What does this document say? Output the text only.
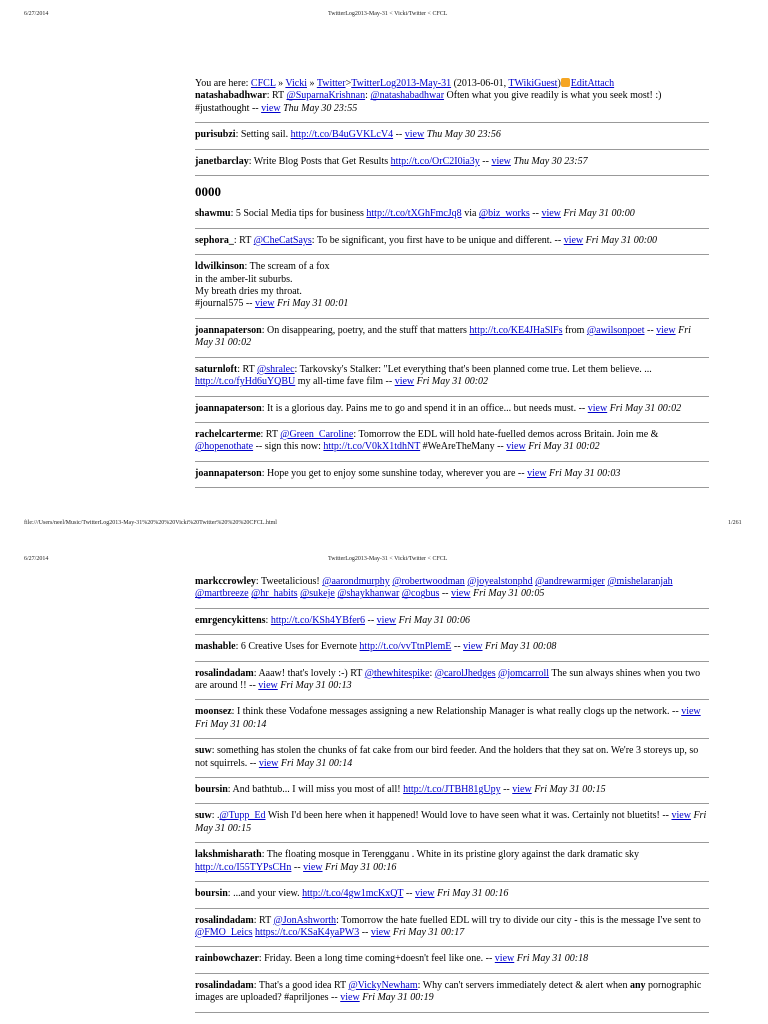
6/27/2014	TwitterLog2013-May-31 < Vicki/Twitter < CFCL
You are here: CFCL » Vicki » Twitter>TwitterLog2013-May-31 (2013-06-01, TWikiGuest) EditAttach
natashabadhwar: RT @SuparnaKrishnan: @natashabadhwar Often what you give readily is what you seek most! :) #justathought -- view Thu May 30 23:55
purisubzi: Setting sail. http://t.co/B4uGVKLcV4 -- view Thu May 30 23:56
janetbarclay: Write Blog Posts that Get Results http://t.co/OrC2I0ia3y -- view Thu May 30 23:57
0000
shawmu: 5 Social Media tips for business http://t.co/tXGhFmcJq8 via @biz_works -- view Fri May 31 00:00
sephora_: RT @CheCatSays: To be significant, you first have to be unique and different. -- view Fri May 31 00:00
ldwilkinson: The scream of a fox
in the amber-lit suburbs.
My breath dries my throat.
#journal575 -- view Fri May 31 00:01
joannapaterson: On disappearing, poetry, and the stuff that matters http://t.co/KE4JHaSlFs from @awilsonpoet -- view Fri May 31 00:02
saturnloft: RT @shralec: Tarkovsky's Stalker: "Let everything that's been planned come true. Let them believe. ... http://t.co/fyHd6uYQBU my all-time fave film -- view Fri May 31 00:02
joannapaterson: It is a glorious day. Pains me to go and spend it in an office... but needs must. -- view Fri May 31 00:02
rachelcarterme: RT @Green_Caroline: Tomorrow the EDL will hold hate-fuelled demos across Britain. Join me & @hopenothate -- sign this now: http://t.co/V0kX1tdhNT #WeAreTheMany -- view Fri May 31 00:02
joannapaterson: Hope you get to enjoy some sunshine today, wherever you are -- view Fri May 31 00:03
file:///Users/neel/Music/TwitterLog2013-May-31%20%20%20Vicki%20Twitter%20%20%20CFCL.html	1/261
6/27/2014	TwitterLog2013-May-31 < Vicki/Twitter < CFCL
markccrowley: Tweetalicious! @aarondmurphy @robertwoodman @joyealstonphd @andrewarmiger @mishelaranjah @martbreeze @hr_habits @sukeje @shaykhanwar @cogbus -- view Fri May 31 00:05
emrgencykittens: http://t.co/KSh4YBfer6 -- view Fri May 31 00:06
mashable: 6 Creative Uses for Evernote http://t.co/vvTtnPlemE -- view Fri May 31 00:08
rosalindadam: Aaaw! that's lovely :-) RT @thewhitespike: @carolJhedges @jomcarroll The sun always shines when you two are around !! -- view Fri May 31 00:13
moonsez: I think these Vodafone messages assigning a new Relationship Manager is what really clogs up the network. -- view Fri May 31 00:14
suw: something has stolen the chunks of fat cake from our bird feeder. And the holders that they sat on. We're 3 storeys up, so not squirrels. -- view Fri May 31 00:14
boursin: And bathtub... I will miss you most of all! http://t.co/JTBH81gUpy -- view Fri May 31 00:15
suw: .@Tupp_Ed Wish I'd been here when it happened! Would love to have seen what it was. Certainly not bluetits! -- view Fri May 31 00:15
lakshmisharath: The floating mosque in Terengganu . White in its pristine glory against the dark dramatic sky http://t.co/I55TYPsCHn -- view Fri May 31 00:16
boursin: ...and your view. http://t.co/4gw1mcKxQT -- view Fri May 31 00:16
rosalindadam: RT @JonAshworth: Tomorrow the hate fuelled EDL will try to divide our city - this is the message I've sent to @FMO_Leics https://t.co/KSaK4yaPW3 -- view Fri May 31 00:17
rainbowchazer: Friday. Been a long time coming+doesn't feel like one. -- view Fri May 31 00:18
rosalindadam: That's a good idea RT @VickyNewham: Why can't servers immediately detect & alert when any pornographic images are uploaded? #apriljones -- view Fri May 31 00:19
